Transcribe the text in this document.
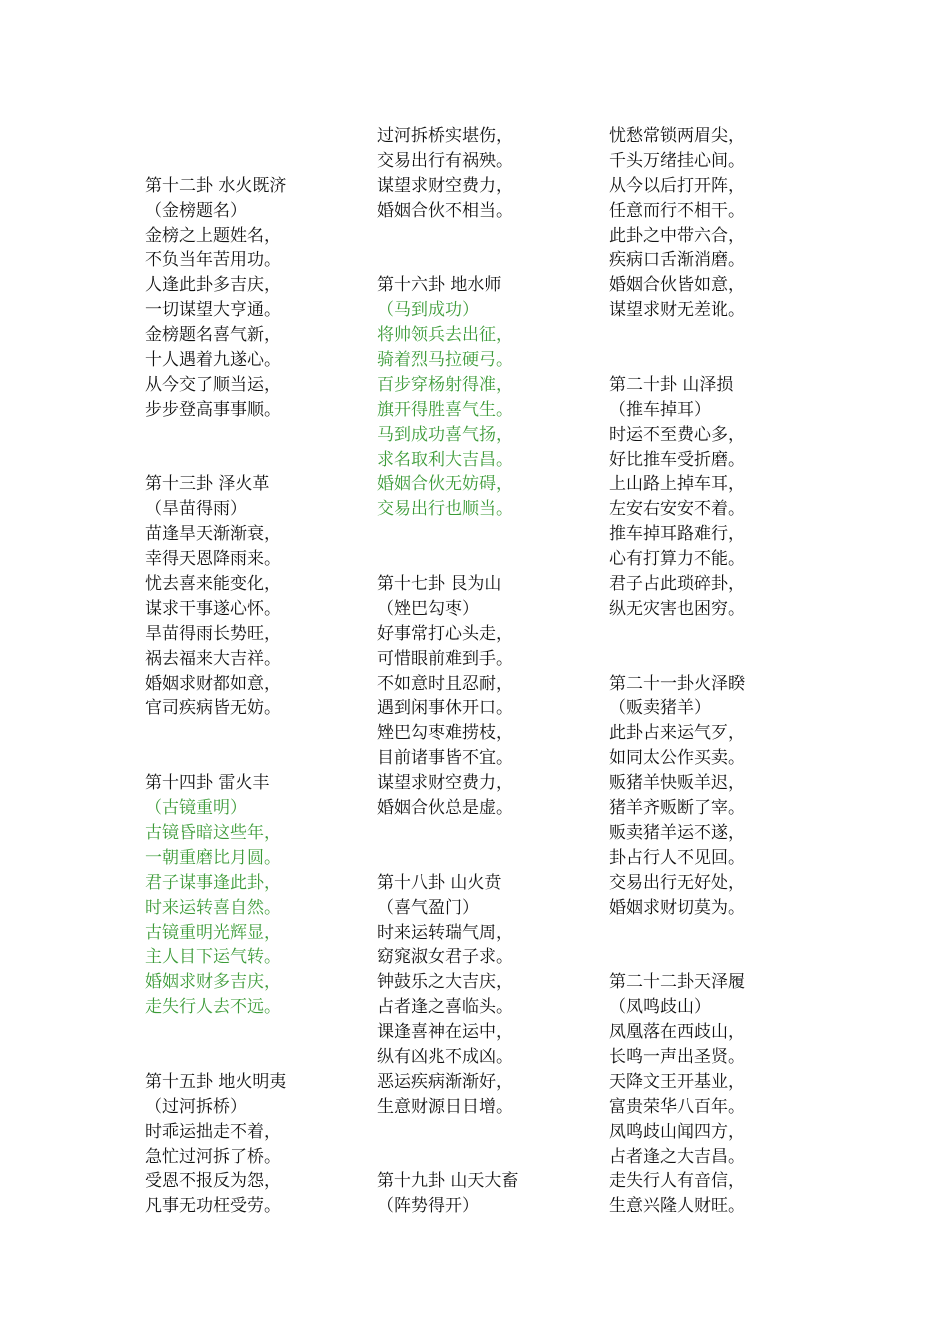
第十二卦 水火既济
（金榜题名）
金榜之上题姓名，
不负当年苦用功。
人逢此卦多吉庆，
一切谋望大亨通。
金榜题名喜气新，
十人遇着九遂心。
从今交了顺当运，
步步登高事事顺。
第十三卦 泽火革
（旱苗得雨）
苗逢旱天渐渐衰，
幸得天恩降雨来。
忧去喜来能变化，
谋求干事遂心怀。
旱苗得雨长势旺，
祸去福来大吉祥。
婚姻求财都如意，
官司疾病皆无妨。
第十四卦 雷火丰
（古镜重明）
古镜昏暗这些年，
一朝重磨比月圆。
君子谋事逢此卦，
时来运转喜自然。
古镜重明光辉显，
主人目下运气转。
婚姻求财多吉庆，
走失行人去不远。
第十五卦 地火明夷
（过河拆桥）
时乖运拙走不着，
急忙过河拆了桥。
受恩不报反为怨，
凡事无功枉受劳。
过河拆桥实堪伤，
交易出行有祸殃。
谋望求财空费力，
婚姻合伙不相当。
第十六卦 地水师
（马到成功）
将帅领兵去出征，
骑着烈马拉硬弓。
百步穿杨射得准，
旗开得胜喜气生。
马到成功喜气扬，
求名取利大吉昌。
婚姻合伙无妨碍，
交易出行也顺当。
第十七卦 艮为山
（矬巴勾枣）
好事常打心头走，
可惜眼前难到手。
不如意时且忍耐，
遇到闲事休开口。
矬巴勾枣难捞枝，
目前诸事皆不宜。
谋望求财空费力，
婚姻合伙总是虚。
第十八卦 山火贲
（喜气盈门）
时来运转瑞气周，
窈窕淑女君子求。
钟鼓乐之大吉庆，
占者逢之喜临头。
课逢喜神在运中，
纵有凶兆不成凶。
恶运疾病渐渐好，
生意财源日日增。
第十九卦 山天大畜
（阵势得开）
忧愁常锁两眉尖，
千头万绪挂心间。
从今以后打开阵，
任意而行不相干。
此卦之中带六合，
疾病口舌渐消磨。
婚姻合伙皆如意，
谋望求财无差讹。
第二十卦 山泽损
（推车掉耳）
时运不至费心多，
好比推车受折磨。
上山路上掉车耳，
左安右安安不着。
推车掉耳路难行，
心有打算力不能。
君子占此琐碎卦，
纵无灾害也困穷。
第二十一卦火泽睽
（贩卖猪羊）
此卦占来运气歹，
如同太公作买卖。
贩猪羊快贩羊迟，
猪羊齐贩断了宰。
贩卖猪羊运不遂，
卦占行人不见回。
交易出行无好处，
婚姻求财切莫为。
第二十二卦天泽履
（凤鸣歧山）
凤凰落在西歧山，
长鸣一声出圣贤。
天降文王开基业，
富贵荣华八百年。
凤鸣歧山闻四方，
占者逢之大吉昌。
走失行人有音信，
生意兴隆人财旺。
